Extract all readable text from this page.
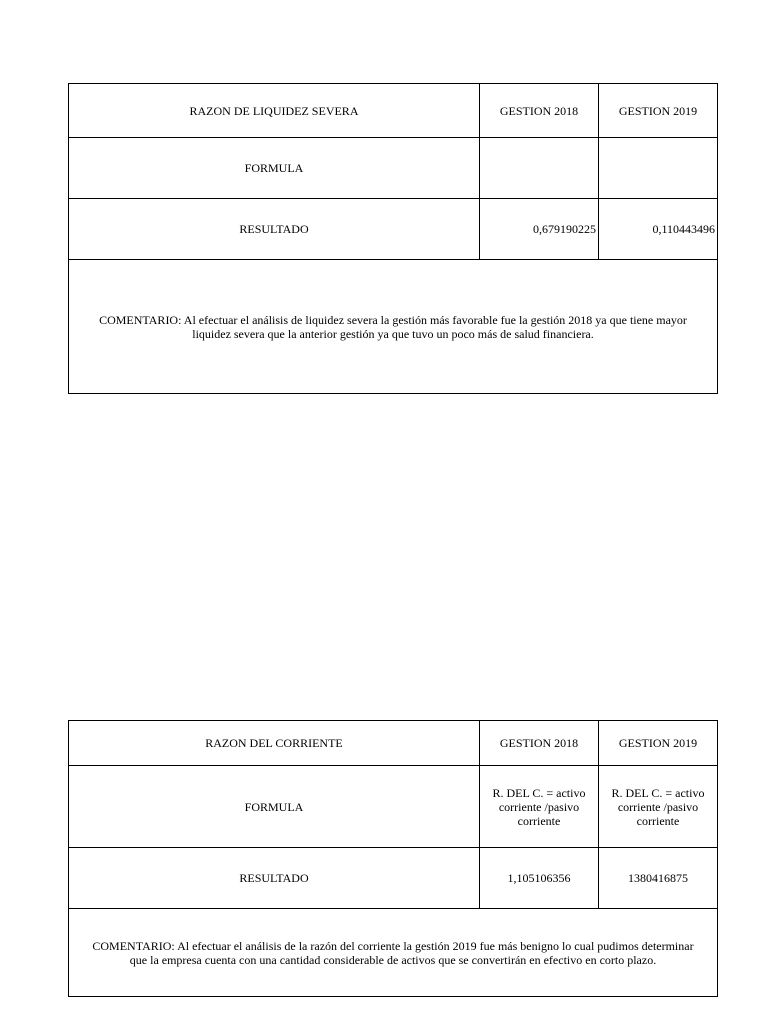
RAZON DE LIQUIDEZ SEVERA	GESTION 2018	GESTION 2019
FORMULA		
RESULTADO	0,679190225	0,110443496
COMENTARIO: Al efectuar el análisis de liquidez severa la gestión más favorable fue la gestión 2018 ya que tiene mayor liquidez severa que la anterior gestión ya que tuvo un poco más de salud financiera.		
RAZON DEL CORRIENTE	GESTION 2018	GESTION 2019
FORMULA	R. DEL C. = activo corriente /pasivo corriente	R. DEL C. = activo corriente /pasivo corriente
RESULTADO	1,105106356	1380416875
COMENTARIO: Al efectuar el análisis de la razón del corriente la gestión 2019 fue más benigno lo cual pudimos determinar que la empresa cuenta con una cantidad considerable de activos que se convertirán en efectivo en corto plazo.		
